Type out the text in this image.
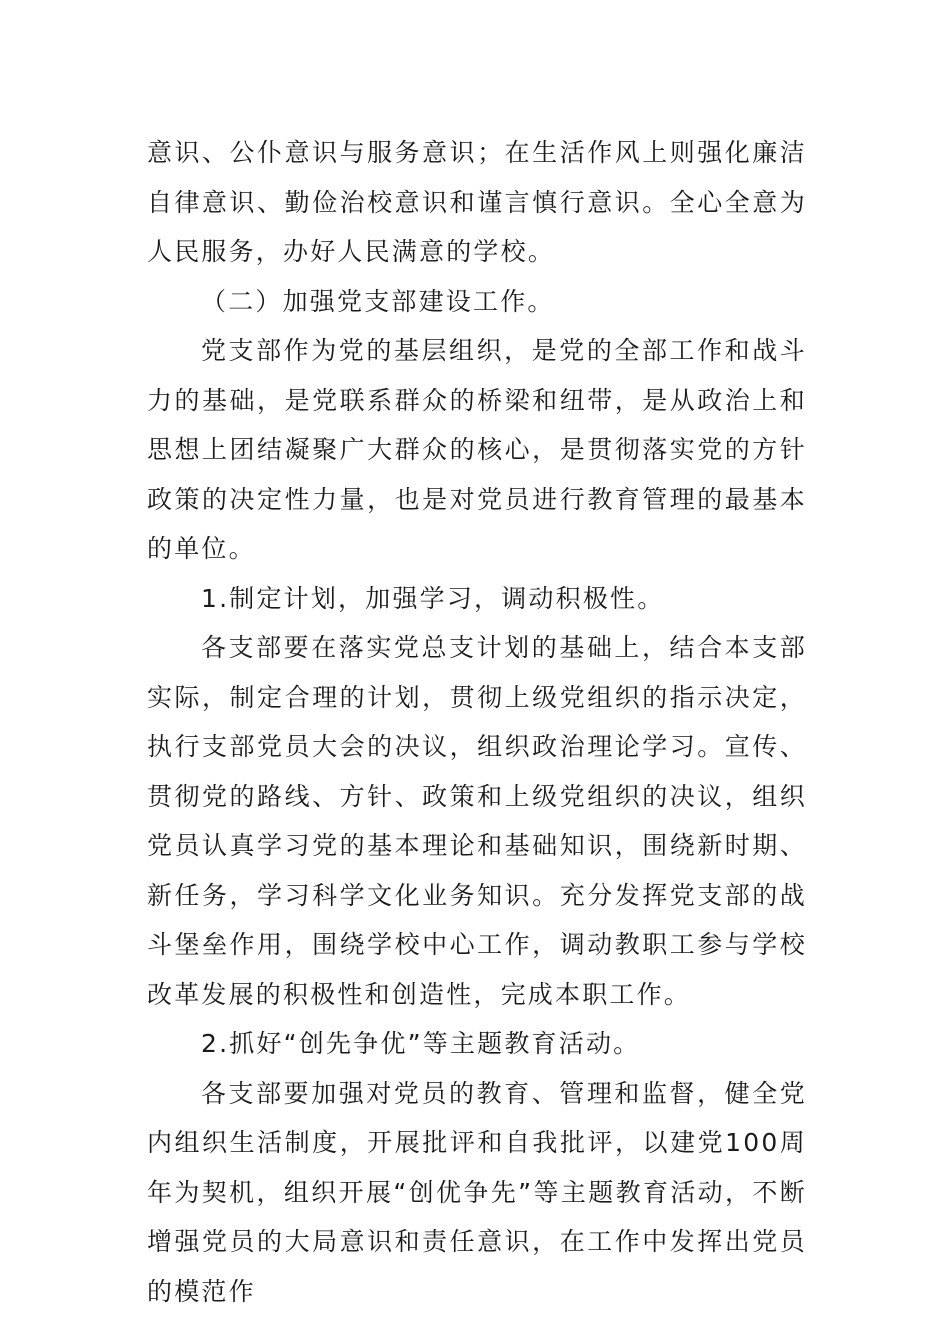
意识、公仆意识与服务意识；在生活作风上则强化廉洁自律意识、勤俭治校意识和谨言慎行意识。全心全意为人民服务，办好人民满意的学校。

（二）加强党支部建设工作。

党支部作为党的基层组织，是党的全部工作和战斗力的基础，是党联系群众的桥梁和纽带，是从政治上和思想上团结凝聚广大群众的核心，是贯彻落实党的方针政策的决定性力量，也是对党员进行教育管理的最基本的单位。

1.制定计划，加强学习，调动积极性。

各支部要在落实党总支计划的基础上，结合本支部实际，制定合理的计划，贯彻上级党组织的指示决定，执行支部党员大会的决议，组织政治理论学习。宣传、贯彻党的路线、方针、政策和上级党组织的决议，组织党员认真学习党的基本理论和基础知识，围绕新时期、新任务，学习科学文化业务知识。充分发挥党支部的战斗堡垒作用，围绕学校中心工作，调动教职工参与学校改革发展的积极性和创造性，完成本职工作。

2.抓好“创先争优”等主题教育活动。

各支部要加强对党员的教育、管理和监督，健全党内组织生活制度，开展批评和自我批评，以建党100周年为契机，组织开展“创优争先”等主题教育活动，不断增强党员的大局意识和责任意识，在工作中发挥出党员的模范作
